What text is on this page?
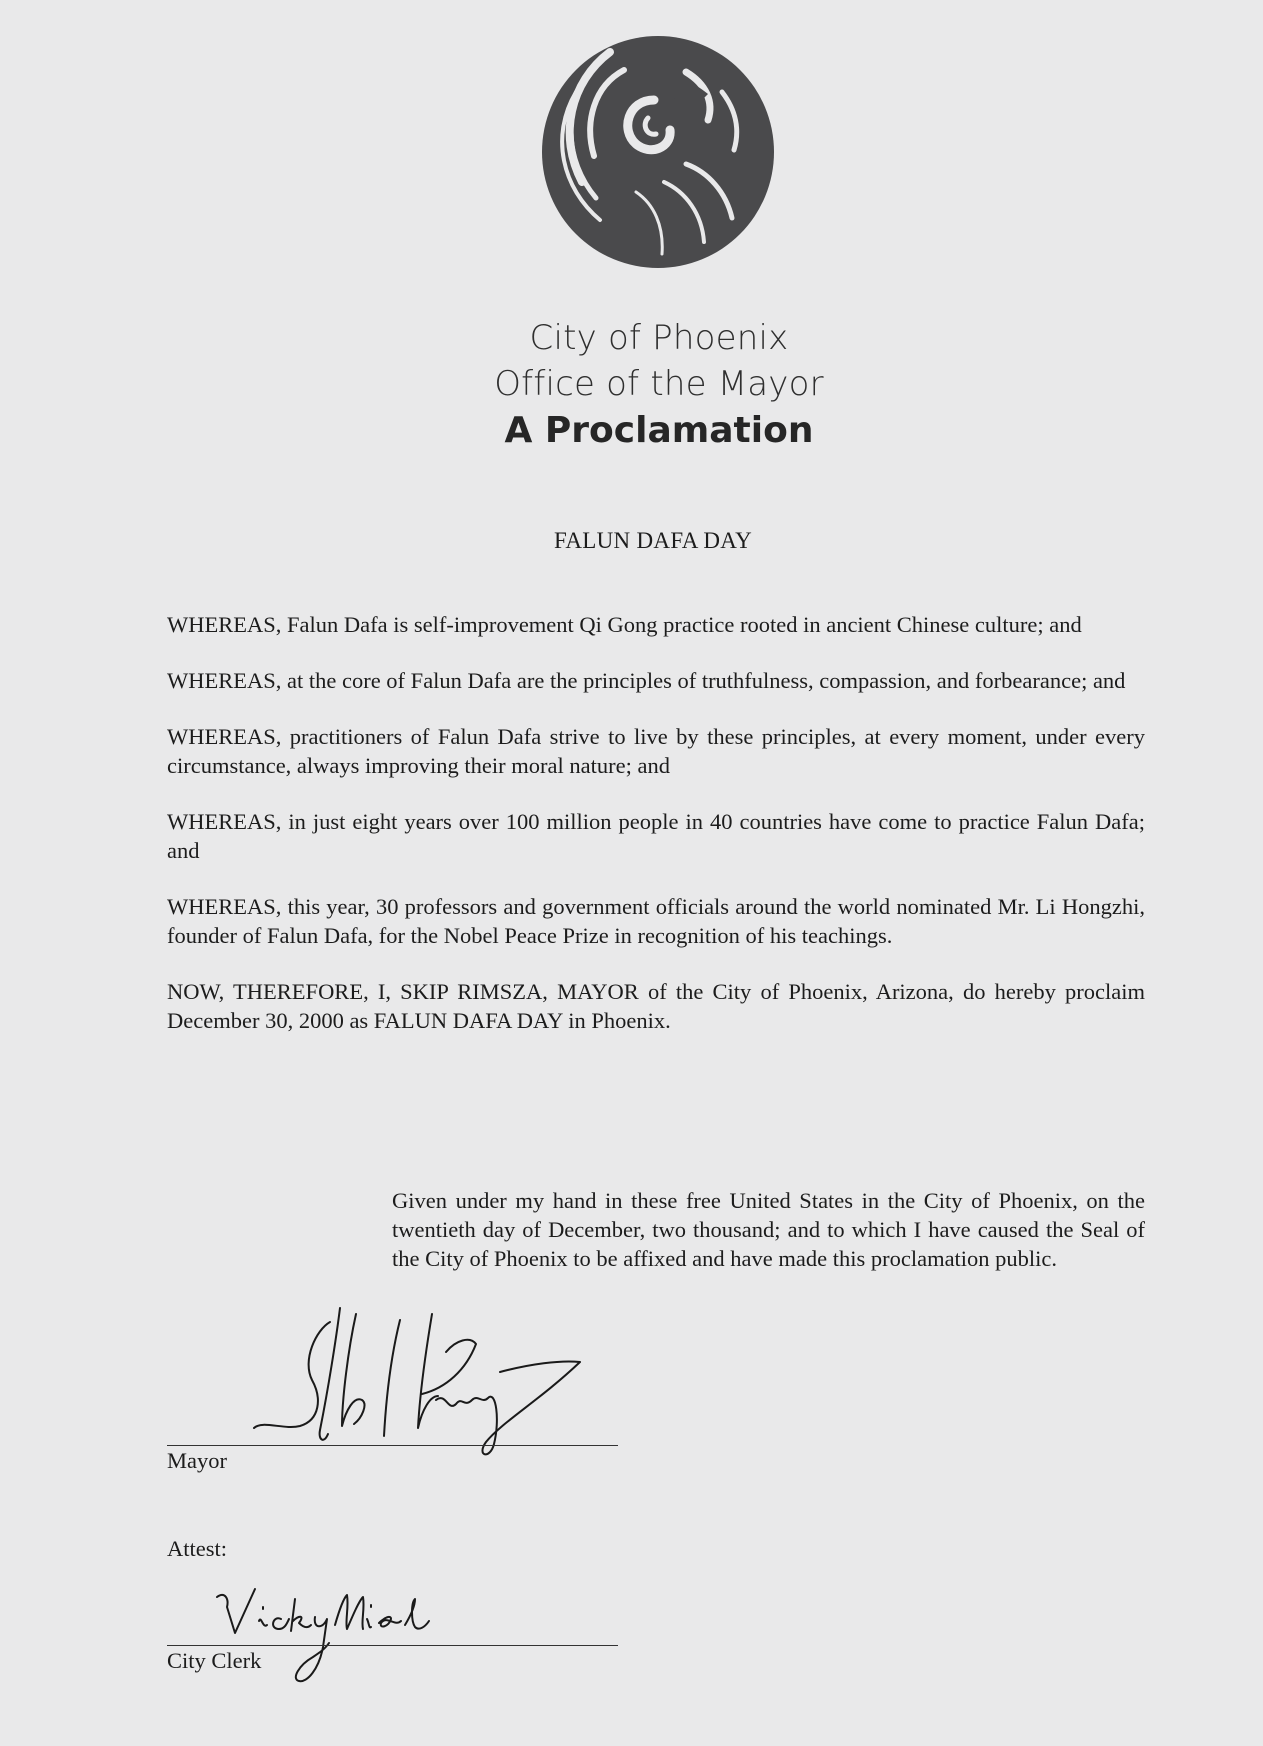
City of Phoenix
Office of the Mayor
A Proclamation
FALUN DAFA DAY

WHEREAS, Falun Dafa is self-improvement Qi Gong practice rooted in ancient Chinese culture; and

WHEREAS, at the core of Falun Dafa are the principles of truthfulness, compassion, and forbearance; and

WHEREAS, practitioners of Falun Dafa strive to live by these principles, at every moment, under every circumstance, always improving their moral nature; and

WHEREAS, in just eight years over 100 million people in 40 countries have come to practice Falun Dafa; and

WHEREAS, this year, 30 professors and government officials around the world nominated Mr. Li Hongzhi, founder of Falun Dafa, for the Nobel Peace Prize in recognition of his teachings.

NOW, THEREFORE, I, SKIP RIMSZA, MAYOR of the City of Phoenix, Arizona, do hereby proclaim December 30, 2000 as FALUN DAFA DAY in Phoenix.

Given under my hand in these free United States in the City of Phoenix, on the twentieth day of December, two thousand; and to which I have caused the Seal of the City of Phoenix to be affixed and have made this proclamation public.
Mayor
Attest:
City Clerk
